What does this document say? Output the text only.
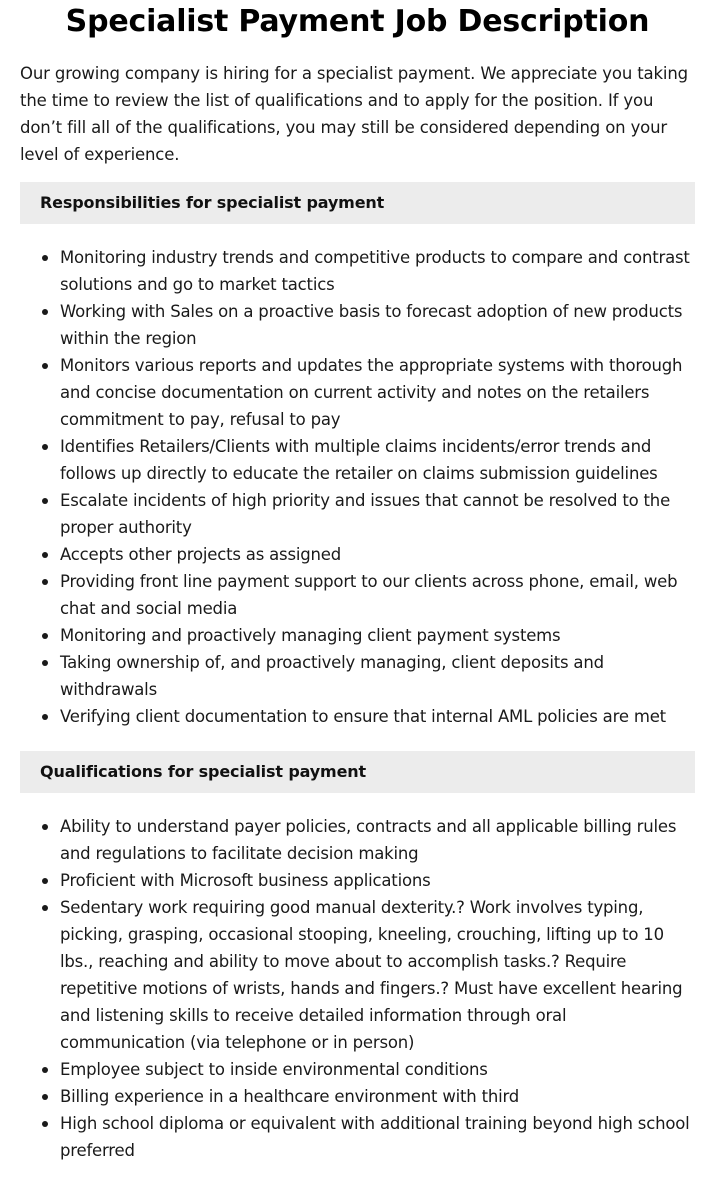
Specialist Payment Job Description

Our growing company is hiring for a specialist payment. We appreciate you taking the time to review the list of qualifications and to apply for the position. If you don’t fill all of the qualifications, you may still be considered depending on your level of experience.

Responsibilities for specialist payment
Monitoring industry trends and competitive products to compare and contrast solutions and go to market tactics
Working with Sales on a proactive basis to forecast adoption of new products within the region
Monitors various reports and updates the appropriate systems with thorough and concise documentation on current activity and notes on the retailers commitment to pay, refusal to pay
Identifies Retailers/Clients with multiple claims incidents/error trends and follows up directly to educate the retailer on claims submission guidelines
Escalate incidents of high priority and issues that cannot be resolved to the proper authority
Accepts other projects as assigned
Providing front line payment support to our clients across phone, email, web chat and social media
Monitoring and proactively managing client payment systems
Taking ownership of, and proactively managing, client deposits and withdrawals
Verifying client documentation to ensure that internal AML policies are met
Qualifications for specialist payment
Ability to understand payer policies, contracts and all applicable billing rules and regulations to facilitate decision making
Proficient with Microsoft business applications
Sedentary work requiring good manual dexterity.? Work involves typing, picking, grasping, occasional stooping, kneeling, crouching, lifting up to 10 lbs., reaching and ability to move about to accomplish tasks.? Require repetitive motions of wrists, hands and fingers.? Must have excellent hearing and listening skills to receive detailed information through oral communication (via telephone or in person)
Employee subject to inside environmental conditions
Billing experience in a healthcare environment with third
High school diploma or equivalent with additional training beyond high school preferred
